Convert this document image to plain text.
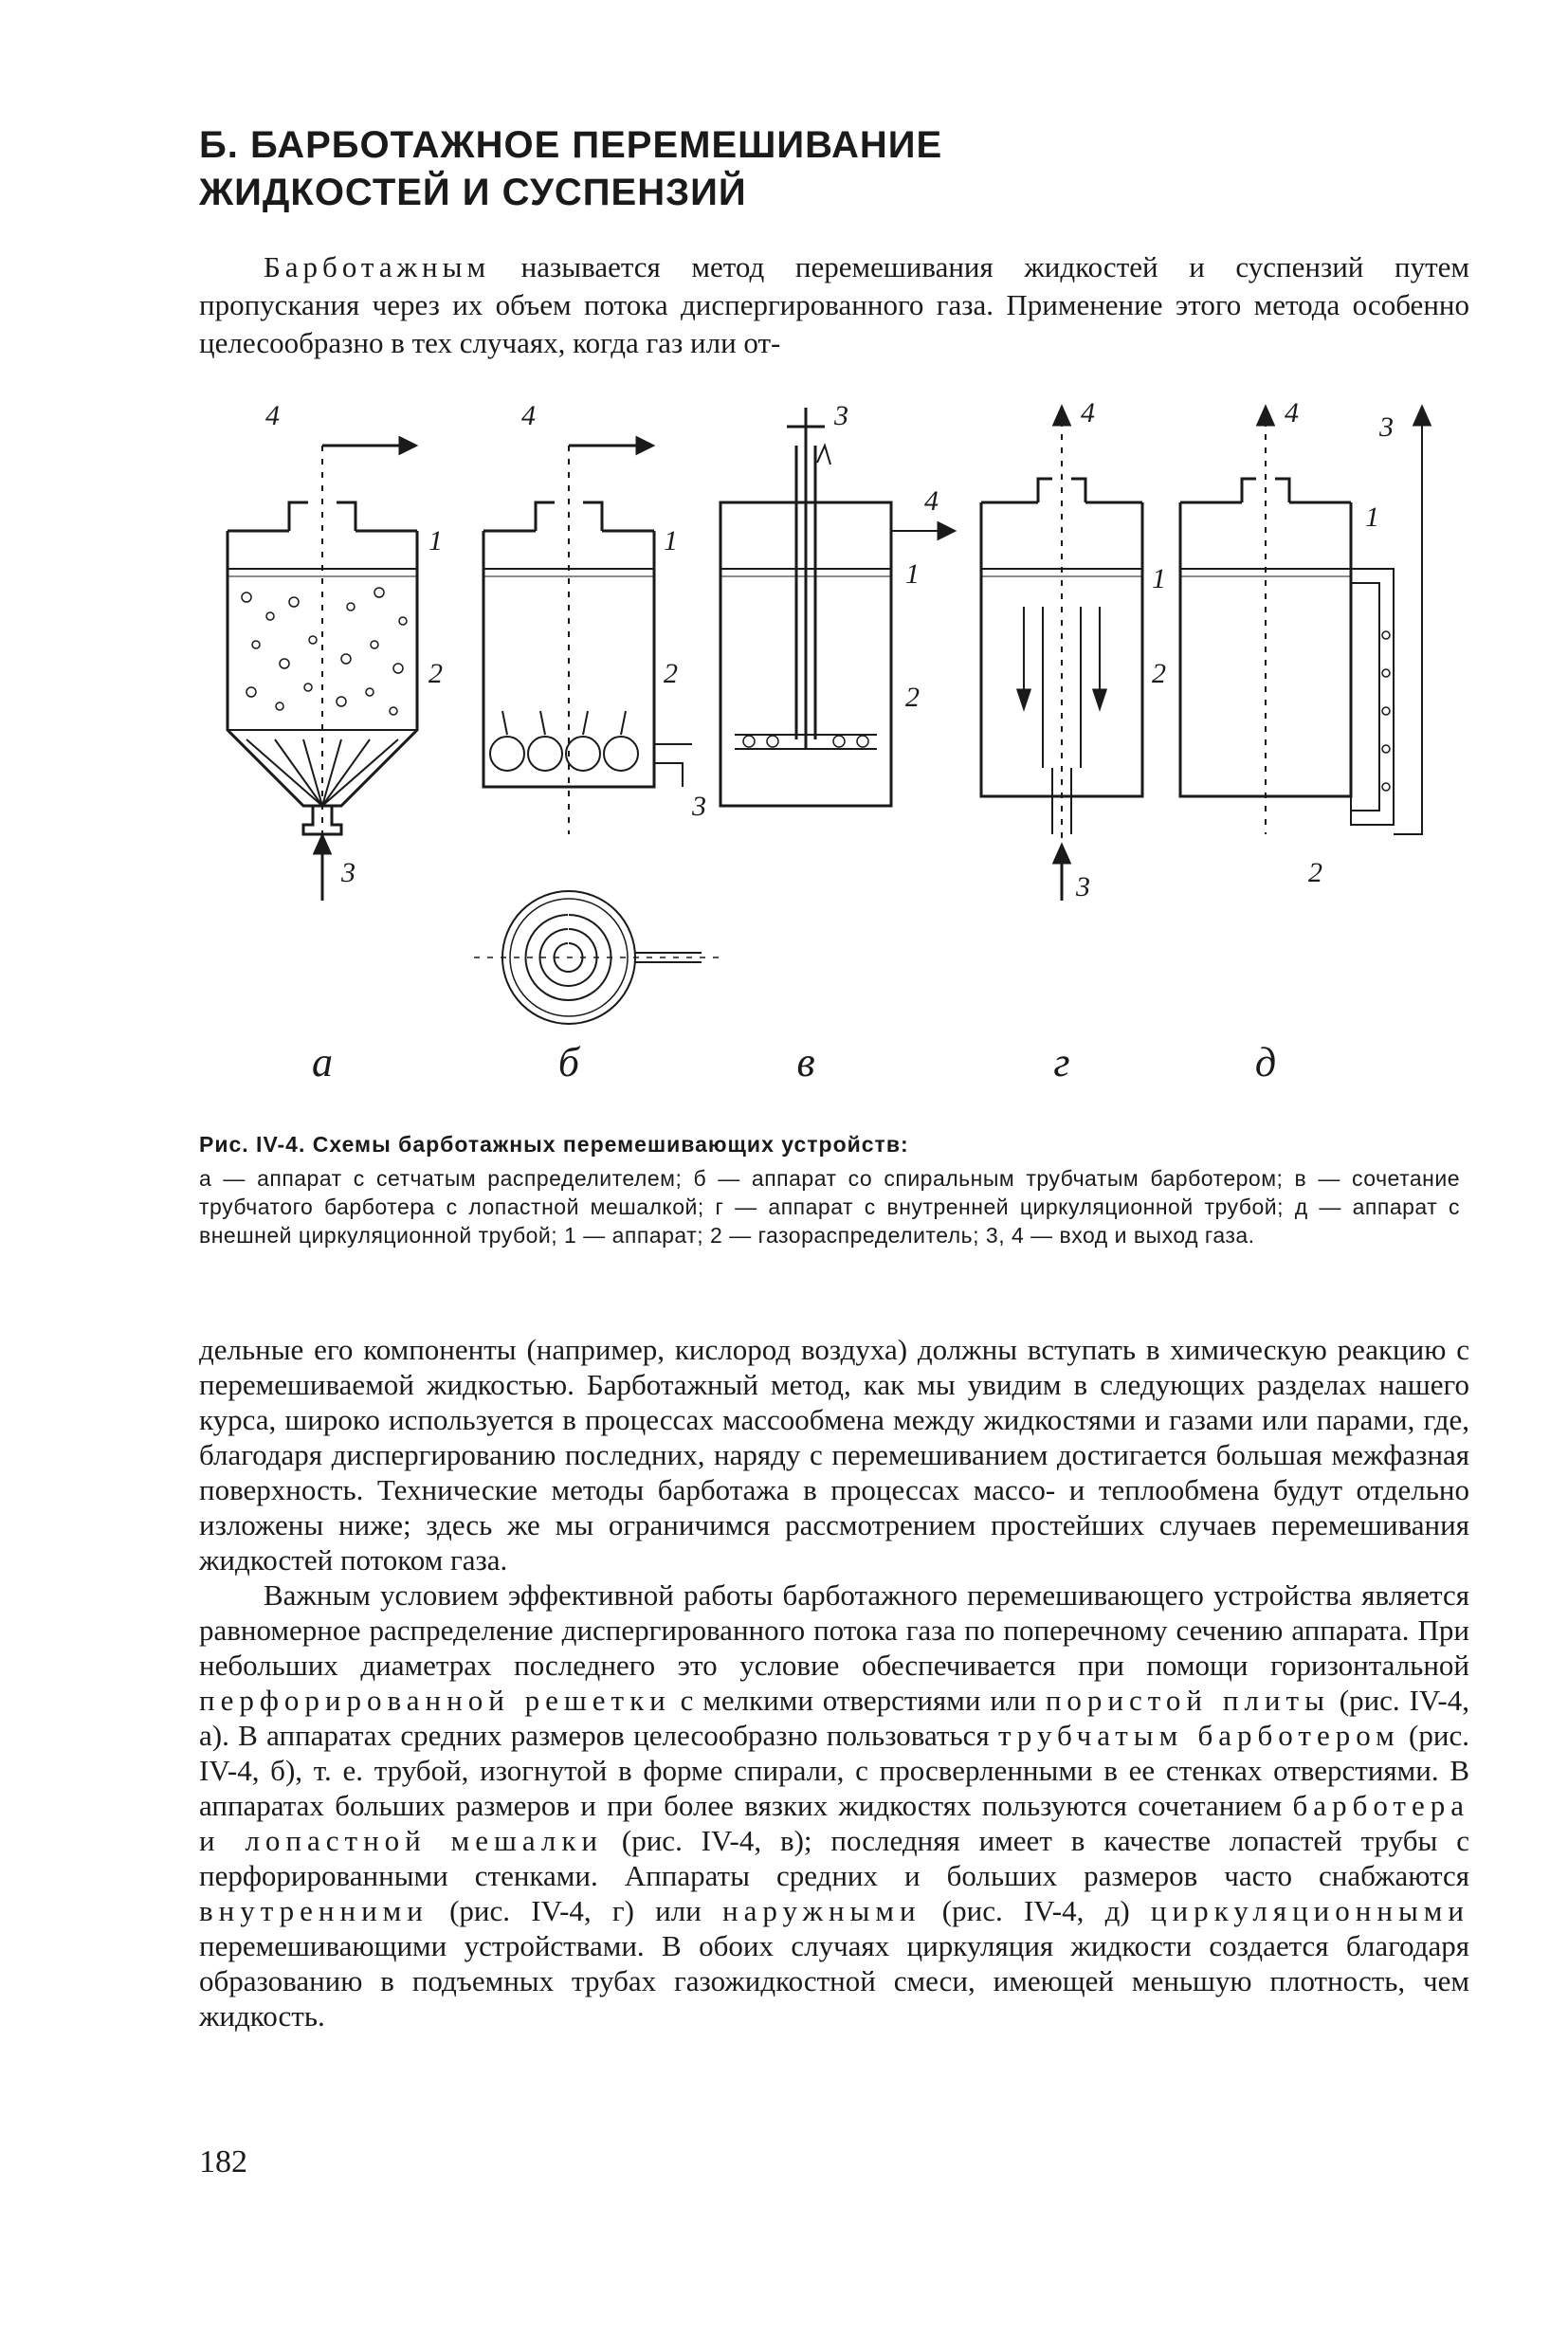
Б. БАРБОТАЖНОЕ ПЕРЕМЕШИВАНИЕ
ЖИДКОСТЕЙ И СУСПЕНЗИЙ

Барботажным называется метод перемешивания жидкостей и суспензий путем пропускания через их объем потока диспергированного газа. Применение этого метода особенно целесообразно в тех случаях, когда газ или от-

4
1
2
3
4
1
2
3
3
4
1
2
4
1
2
3
4	3
1
2
а	б	в	г	д
Рис. IV-4. Схемы барботажных перемешивающих устройств:
а — аппарат с сетчатым распределителем; б — аппарат со спиральным трубчатым барботером; в — сочетание трубчатого барботера с лопастной мешалкой; г — аппарат с внутренней циркуляционной трубой; д — аппарат с внешней циркуляционной трубой; 1 — аппарат; 2 — газораспределитель; 3, 4 — вход и выход газа.

дельные его компоненты (например, кислород воздуха) должны вступать в химическую реакцию с перемешиваемой жидкостью. Барботажный метод, как мы увидим в следующих разделах нашего курса, широко используется в процессах массообмена между жидкостями и газами или парами, где, благодаря диспергированию последних, наряду с перемешиванием достигается большая межфазная поверхность. Технические методы барботажа в процессах массо- и теплообмена будут отдельно изложены ниже; здесь же мы ограничимся рассмотрением простейших случаев перемешивания жидкостей потоком газа.

Важным условием эффективной работы барботажного перемешивающего устройства является равномерное распределение диспергированного потока газа по поперечному сечению аппарата. При небольших диаметрах последнего это условие обеспечивается при помощи горизонтальной перфорированной решетки с мелкими отверстиями или пористой плиты (рис. IV-4, а). В аппаратах средних размеров целесообразно пользоваться трубчатым барботером (рис. IV-4, б), т. е. трубой, изогнутой в форме спирали, с просверленными в ее стенках отверстиями. В аппаратах больших размеров и при более вязких жидкостях пользуются сочетанием барботера и лопастной мешалки (рис. IV-4, в); последняя имеет в качестве лопастей трубы с перфорированными стенками. Аппараты средних и больших размеров часто снабжаются внутренними (рис. IV-4, г) или наружными (рис. IV-4, д) циркуляционными перемешивающими устройствами. В обоих случаях циркуляция жидкости создается благодаря образованию в подъемных трубах газожидкостной смеси, имеющей меньшую плотность, чем жидкость.

182
